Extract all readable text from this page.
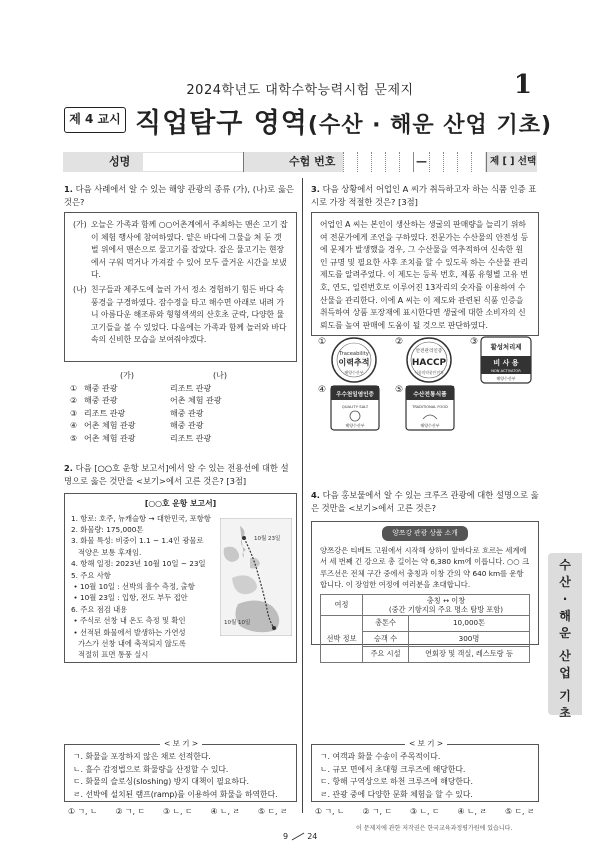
2024학년도 대학수학능력시험 문제지	1
제 4 교시 직업탐구 영역(수산 · 해운 산업 기초)
성명	수험 번호	—	제 [ ] 선택
1. 다음 사례에서 알 수 있는 해양 관광의 종류 (가), (나)로 옳은 것은?
(가) 오늘은 가족과 함께 ○○어촌계에서 주최하는 맨손 고기 잡이 체험 행사에 참여하였다. 얕은 바다에 그물을 쳐 둔 갯벌 위에서 맨손으로 물고기를 잡았다. 잡은 물고기는 현장에서 구워 먹거나 가져갈 수 있어 모두 즐거운 시간을 보냈다.
(나) 친구들과 제주도에 놀러 가서 정소 경험하기 힘든 바다 속 풍경을 구경하였다. 잠수정을 타고 해수면 아래로 내려 가니 아름다운 해조류와 형형색색의 산호초 군락, 다양한 물고기들을 볼 수 있었다. 다음에는 가족과 함께 놀러와 바다 속의 신비한 모습을 보여줘야겠다.
(가)	(나)
① 해중 관광	리조트 관광
② 해중 관광	어촌 체험 관광
③ 리조트 관광	해중 관광
④ 어촌 체험 관광	해중 관광
⑤ 어촌 체험 관광	리조트 관광
2. 다음 [○○호 운항 보고서]에서 알 수 있는 전용선에 대한 설명으로 옳은 것만을 <보기>에서 고른 것은? [3점]
[○○호 운항 보고서]
1. 항로: 호주, 뉴캐슬항 → 대한민국, 포항항
2. 화물량: 175,000톤
3. 화물 특성: 비중이 1.1 ~ 1.4인 광물로
적양은 보통 후재임.
4. 항해 일정: 2023년 10월 10일 ~ 23일
5. 주요 사항
• 10월 10일 : 선박의 흘수 측정, 출항
• 10월 23일 : 입항, 전도 부두 접안
6. 주요 점검 내용
• 주식로 선창 내 온도 측정 및 확인
• 선적된 화물에서 발생하는 가연성
가스가 선창 내에 축적되지 않도록
적절히 표면 통풍 실시
10월 23일
10월 10일
ㄱ. 화물을 포장하지 않은 채로 선적한다.
ㄴ. 흘수 감정법으로 화물량을 산정할 수 있다.
ㄷ. 화물의 슬로싱(sloshing) 방지 대책이 필요하다.
ㄹ. 선박에 설치된 램프(ramp)를 이용하여 화물을 하역한다.
< 보 기 >
① ㄱ, ㄴ ② ㄱ, ㄷ ③ ㄴ, ㄷ ④ ㄴ, ㄹ ⑤ ㄷ, ㄹ
3. 다음 상황에서 어업인 A 씨가 취득하고자 하는 식품 인증 표시로 가장 적절한 것은? [3점]
어업인 A 씨는 본인이 생산하는 생굴의 판매량을 늘리기 위하여 전문가에게 조언을 구하였다. 전문가는 수산물의 안전성 등에 문제가 발생했을 경우, 그 수산물을 역추적하여 신속한 원인 규명 및 필요한 사후 조치를 할 수 있도록 하는 수산물 관리 제도를 알려주었다. 이 제도는 등록 번호, 제품 유형별 고유 번호, 연도, 일련번호로 이루어진 13자리의 숫자를 이용하여 수산물을 관리한다. 이에 A 씨는 이 제도와 관련된 식품 인증을 취득하여 상품 포장재에 표시한다면 생굴에 대한 소비자의 신뢰도를 높여 판매에 도움이 될 것으로 판단하였다.
①	②	③
④	⑤
Traceability
이력추적
해양수산부
안전관리인증
HACCP
식품의약품안전처
활성처리제
비 사 용
NON ACTIVATOR
해양수산부
우수천일염인증
QUALITY SALT
해양수산부
수산전통식품
TRADITIONAL FOOD
해양수산부
4. 다음 홍보물에서 알 수 있는 크루즈 관광에 대한 설명으로 옳은 것만을 <보기>에서 고른 것은?
양쯔강 관광 상품 소개
양쯔강은 티베트 고원에서 시작해 상하이 앞바다로 흐르는 세계에서 세 번째 긴 강으로 총 길이는 약 6,380 km에 이릅니다. ○○ 크루즈선은 전체 구간 중에서 충칭과 이창 간의 약 640 km를 운항합니다. 이 장엄한 여정에 여러분을 초대합니다.
여정	충칭 ↔ 이창
(중간 기항지의 주요 명소 탐방 포함)	

선박 정보	총톤수	10,000톤
	승객 수	300명
	주요 시설	연회장 및 객실, 레스토랑 등
ㄱ. 여객과 화물 수송이 주목적이다.
ㄴ. 규모 면에서 초대형 크루즈에 해당한다.
ㄷ. 항해 구역상으로 하천 크루즈에 해당한다.
ㄹ. 관광 중에 다양한 문화 체험을 할 수 있다.
< 보 기 >
① ㄱ, ㄴ ② ㄱ, ㄷ ③ ㄴ, ㄷ ④ ㄴ, ㄹ ⑤ ㄷ, ㄹ
수
산
·
해
운
산
업
기
초
9 24
이 문제지에 관한 저작권은 한국교육과정평가원에 있습니다.
